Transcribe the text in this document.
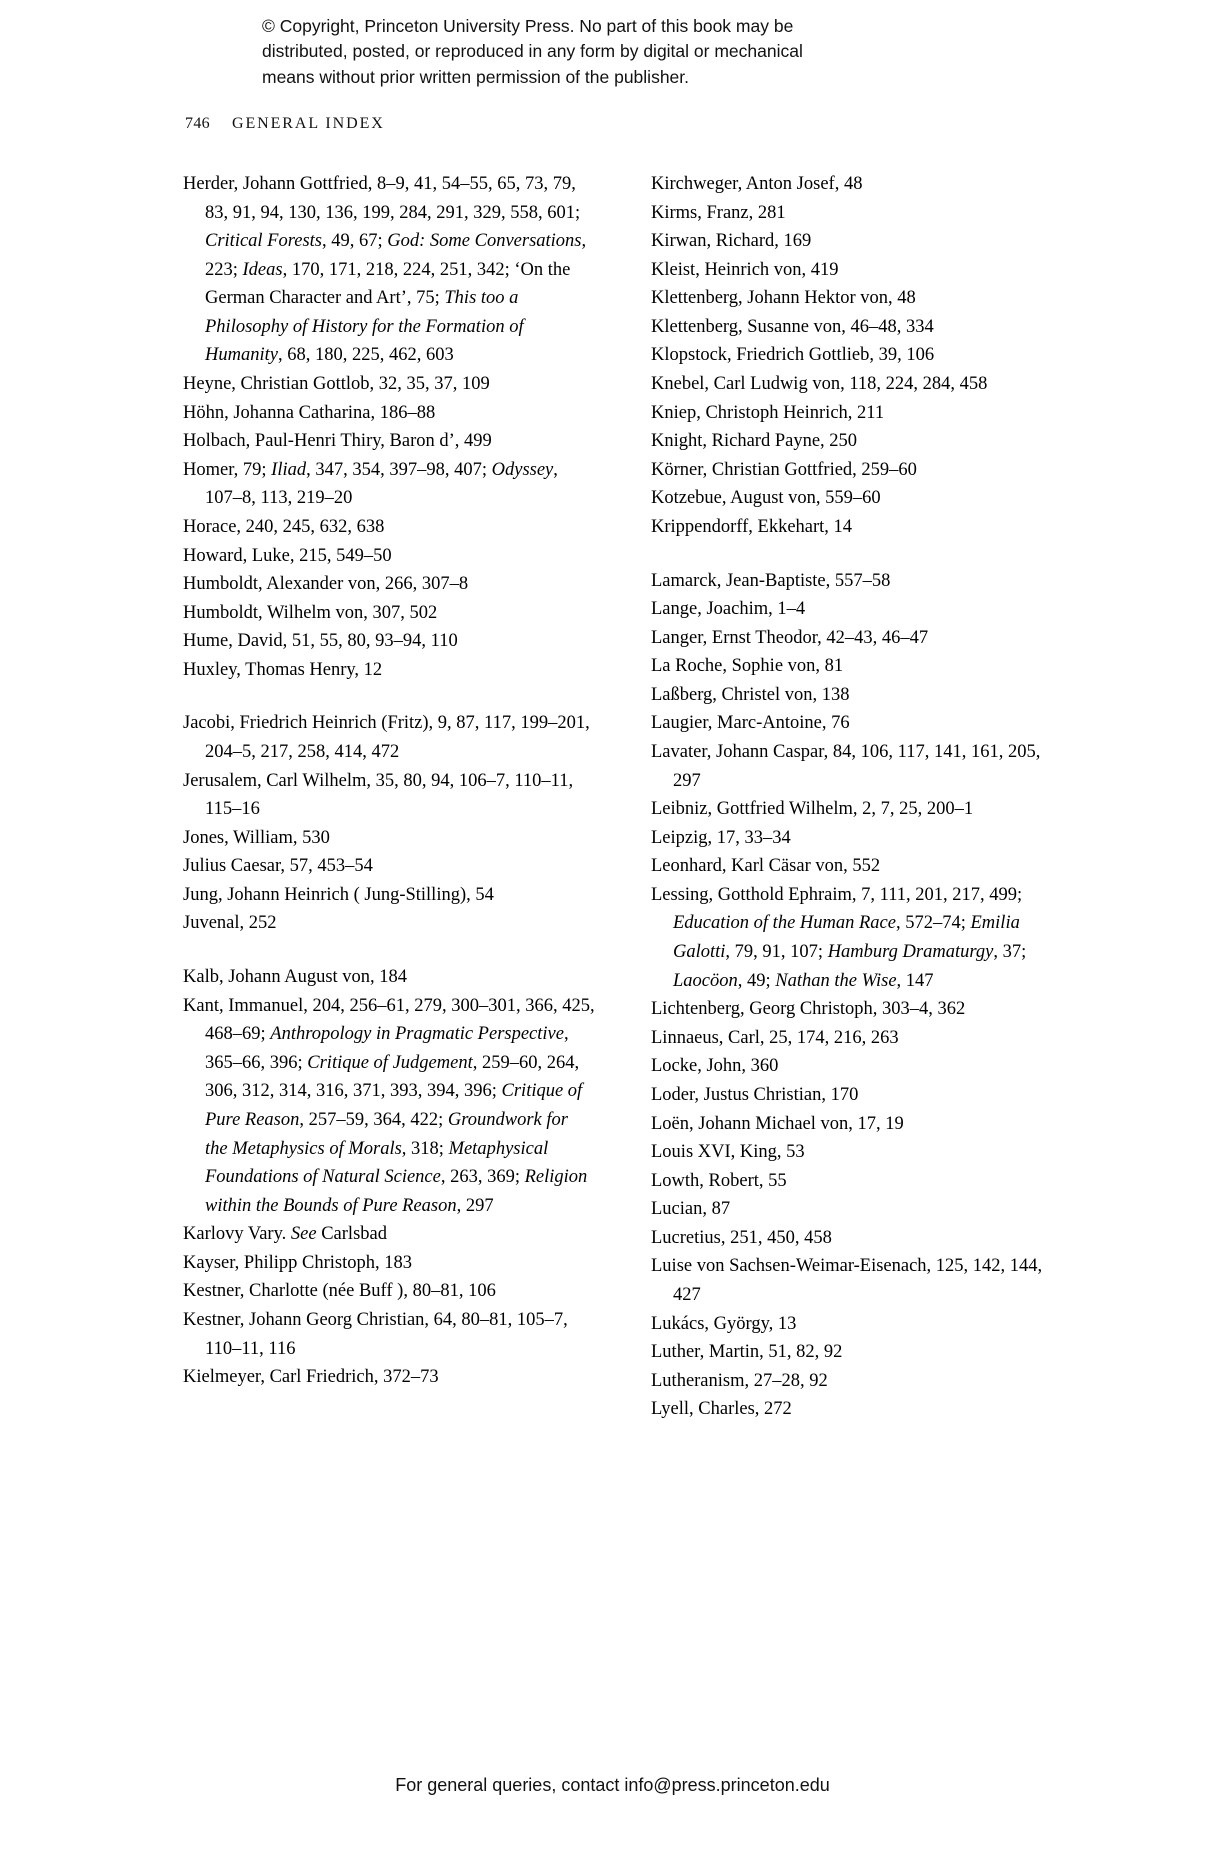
© Copyright, Princeton University Press. No part of this book may be
distributed, posted, or reproduced in any form by digital or mechanical
means without prior written permission of the publisher.
746 GENERAL INDEX
Herder, Johann Gottfried, 8–9, 41, 54–55, 65, 73, 79, 83, 91, 94, 130, 136, 199, 284, 291, 329, 558, 601; Critical Forests, 49, 67; God: Some Conversations, 223; Ideas, 170, 171, 218, 224, 251, 342; ‘On the German Character and Art’, 75; This too a Philosophy of History for the Formation of Humanity, 68, 180, 225, 462, 603
Heyne, Christian Gottlob, 32, 35, 37, 109
Höhn, Johanna Catharina, 186–88
Holbach, Paul-Henri Thiry, Baron d’, 499
Homer, 79; Iliad, 347, 354, 397–98, 407; Odyssey, 107–8, 113, 219–20
Horace, 240, 245, 632, 638
Howard, Luke, 215, 549–50
Humboldt, Alexander von, 266, 307–8
Humboldt, Wilhelm von, 307, 502
Hume, David, 51, 55, 80, 93–94, 110
Huxley, Thomas Henry, 12
Jacobi, Friedrich Heinrich (Fritz), 9, 87, 117, 199–201, 204–5, 217, 258, 414, 472
Jerusalem, Carl Wilhelm, 35, 80, 94, 106–7, 110–11, 115–16
Jones, William, 530
Julius Caesar, 57, 453–54
Jung, Johann Heinrich ( Jung-Stilling), 54
Juvenal, 252
Kalb, Johann August von, 184
Kant, Immanuel, 204, 256–61, 279, 300–301, 366, 425, 468–69; Anthropology in Pragmatic Perspective, 365–66, 396; Critique of Judgement, 259–60, 264, 306, 312, 314, 316, 371, 393, 394, 396; Critique of Pure Reason, 257–59, 364, 422; Groundwork for the Metaphysics of Morals, 318; Metaphysical Foundations of Natural Science, 263, 369; Religion within the Bounds of Pure Reason, 297
Karlovy Vary. See Carlsbad
Kayser, Philipp Christoph, 183
Kestner, Charlotte (née Buff ), 80–81, 106
Kestner, Johann Georg Christian, 64, 80–81, 105–7, 110–11, 116
Kielmeyer, Carl Friedrich, 372–73
Kirchweger, Anton Josef, 48
Kirms, Franz, 281
Kirwan, Richard, 169
Kleist, Heinrich von, 419
Klettenberg, Johann Hektor von, 48
Klettenberg, Susanne von, 46–48, 334
Klopstock, Friedrich Gottlieb, 39, 106
Knebel, Carl Ludwig von, 118, 224, 284, 458
Kniep, Christoph Heinrich, 211
Knight, Richard Payne, 250
Körner, Christian Gottfried, 259–60
Kotzebue, August von, 559–60
Krippendorff, Ekkehart, 14
Lamarck, Jean-Baptiste, 557–58
Lange, Joachim, 1–4
Langer, Ernst Theodor, 42–43, 46–47
La Roche, Sophie von, 81
Laßberg, Christel von, 138
Laugier, Marc-Antoine, 76
Lavater, Johann Caspar, 84, 106, 117, 141, 161, 205, 297
Leibniz, Gottfried Wilhelm, 2, 7, 25, 200–1
Leipzig, 17, 33–34
Leonhard, Karl Cäsar von, 552
Lessing, Gotthold Ephraim, 7, 111, 201, 217, 499; Education of the Human Race, 572–74; Emilia Galotti, 79, 91, 107; Hamburg Dramaturgy, 37; Laocöon, 49; Nathan the Wise, 147
Lichtenberg, Georg Christoph, 303–4, 362
Linnaeus, Carl, 25, 174, 216, 263
Locke, John, 360
Loder, Justus Christian, 170
Loën, Johann Michael von, 17, 19
Louis XVI, King, 53
Lowth, Robert, 55
Lucian, 87
Lucretius, 251, 450, 458
Luise von Sachsen-Weimar-Eisenach, 125, 142, 144, 427
Lukács, György, 13
Luther, Martin, 51, 82, 92
Lutheranism, 27–28, 92
Lyell, Charles, 272
For general queries, contact info@press.princeton.edu
